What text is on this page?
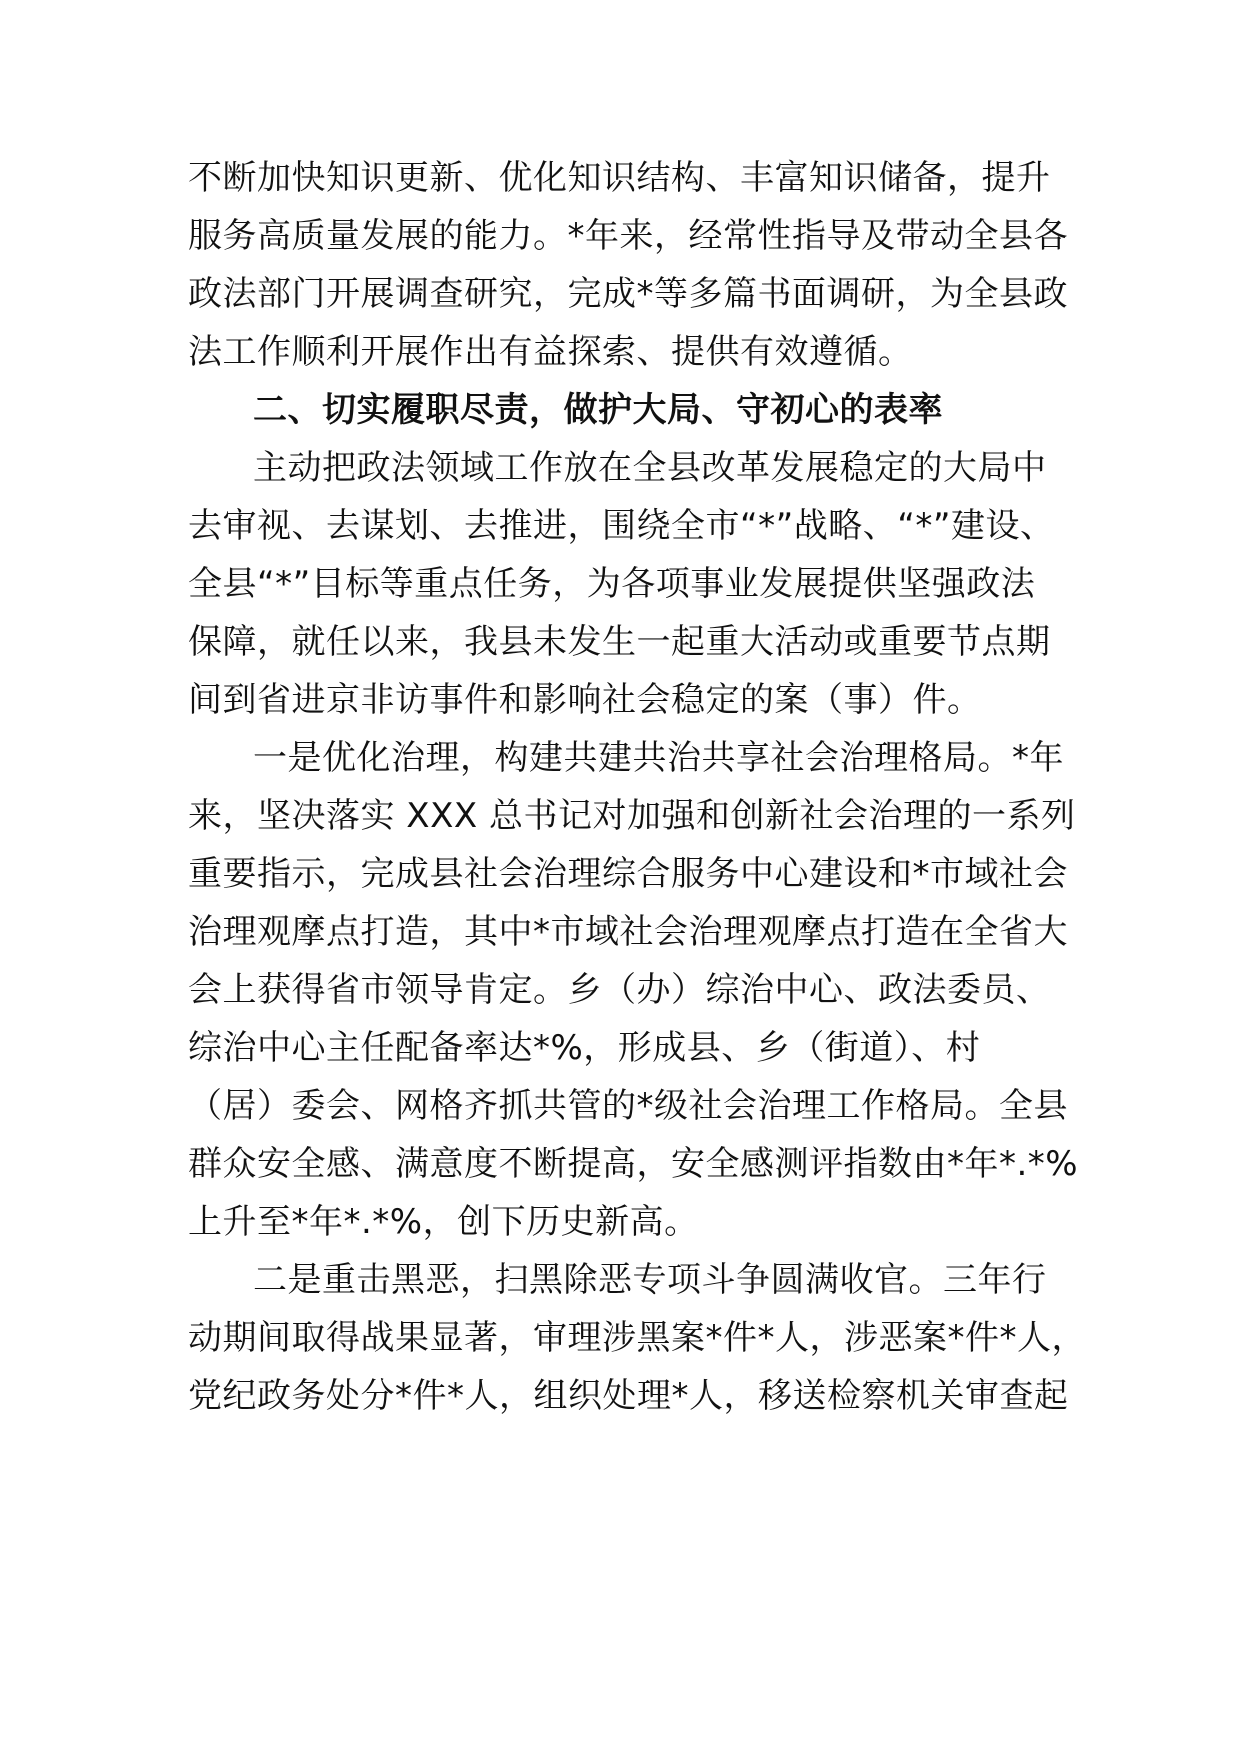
不断加快知识更新、优化知识结构、丰富知识储备，提升
服务高质量发展的能力。*年来，经常性指导及带动全县各
政法部门开展调查研究，完成*等多篇书面调研，为全县政
法工作顺利开展作出有益探索、提供有效遵循。
二、切实履职尽责，做护大局、守初心的表率
主动把政法领域工作放在全县改革发展稳定的大局中
去审视、去谋划、去推进，围绕全市“*”战略、“*”建设、
全县“*”目标等重点任务，为各项事业发展提供坚强政法
保障，就任以来，我县未发生一起重大活动或重要节点期
间到省进京非访事件和影响社会稳定的案（事）件。
一是优化治理，构建共建共治共享社会治理格局。*年
来，坚决落实 XXX 总书记对加强和创新社会治理的一系列
重要指示，完成县社会治理综合服务中心建设和*市域社会
治理观摩点打造，其中*市域社会治理观摩点打造在全省大
会上获得省市领导肯定。乡（办）综治中心、政法委员、
综治中心主任配备率达*%，形成县、乡（街道）、村
（居）委会、网格齐抓共管的*级社会治理工作格局。全县
群众安全感、满意度不断提高，安全感测评指数由*年*.*%
上升至*年*.*%，创下历史新高。
二是重击黑恶，扫黑除恶专项斗争圆满收官。三年行
动期间取得战果显著，审理涉黑案*件*人，涉恶案*件*人，
党纪政务处分*件*人，组织处理*人，移送检察机关审查起
